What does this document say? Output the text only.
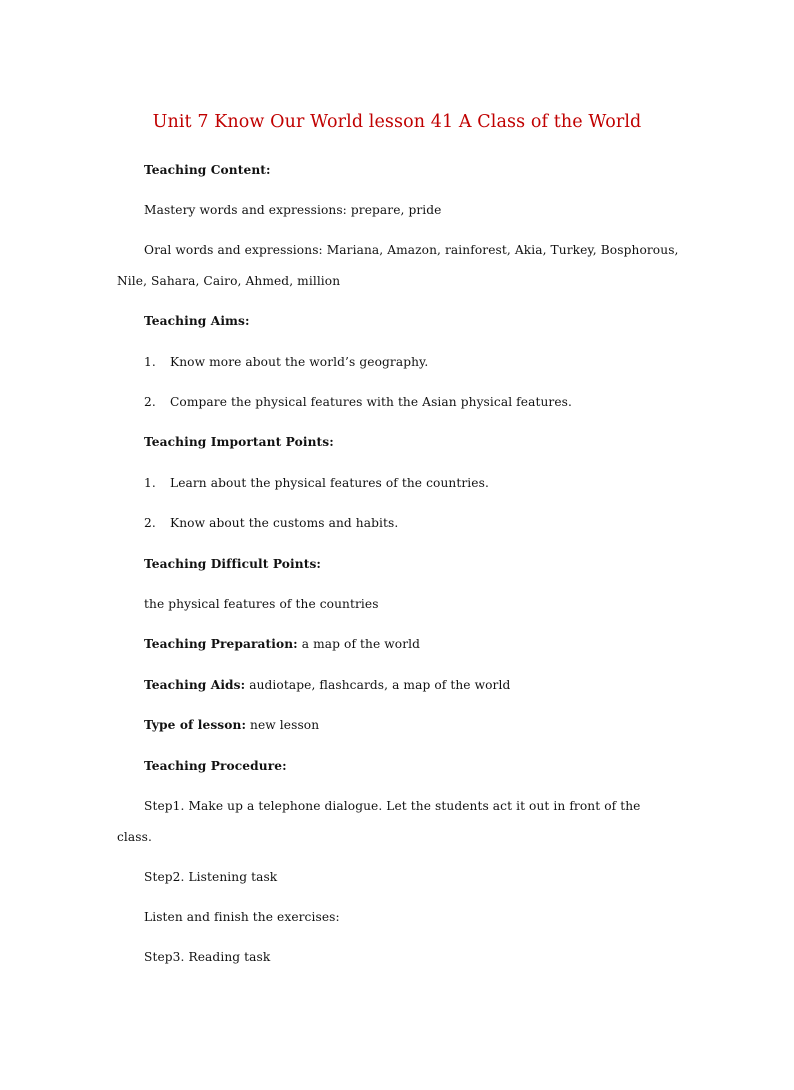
Unit 7 Know Our World lesson 41 A Class of the World
Teaching Content:
Mastery words and expressions: prepare, pride
Oral words and expressions: Mariana, Amazon, rainforest, Akia, Turkey, Bosphorous,
Nile, Sahara, Cairo, Ahmed, million
Teaching Aims:
1. Know more about the world’s geography.
2. Compare the physical features with the Asian physical features.
Teaching Important Points:
1. Learn about the physical features of the countries.
2. Know about the customs and habits.
Teaching Difficult Points:
the physical features of the countries
Teaching Preparation: a map of the world
Teaching Aids: audiotape, flashcards, a map of the world
Type of lesson: new lesson
Teaching Procedure:
Step1. Make up a telephone dialogue. Let the students act it out in front of the
class.
Step2. Listening task
Listen and finish the exercises:
Step3. Reading task
